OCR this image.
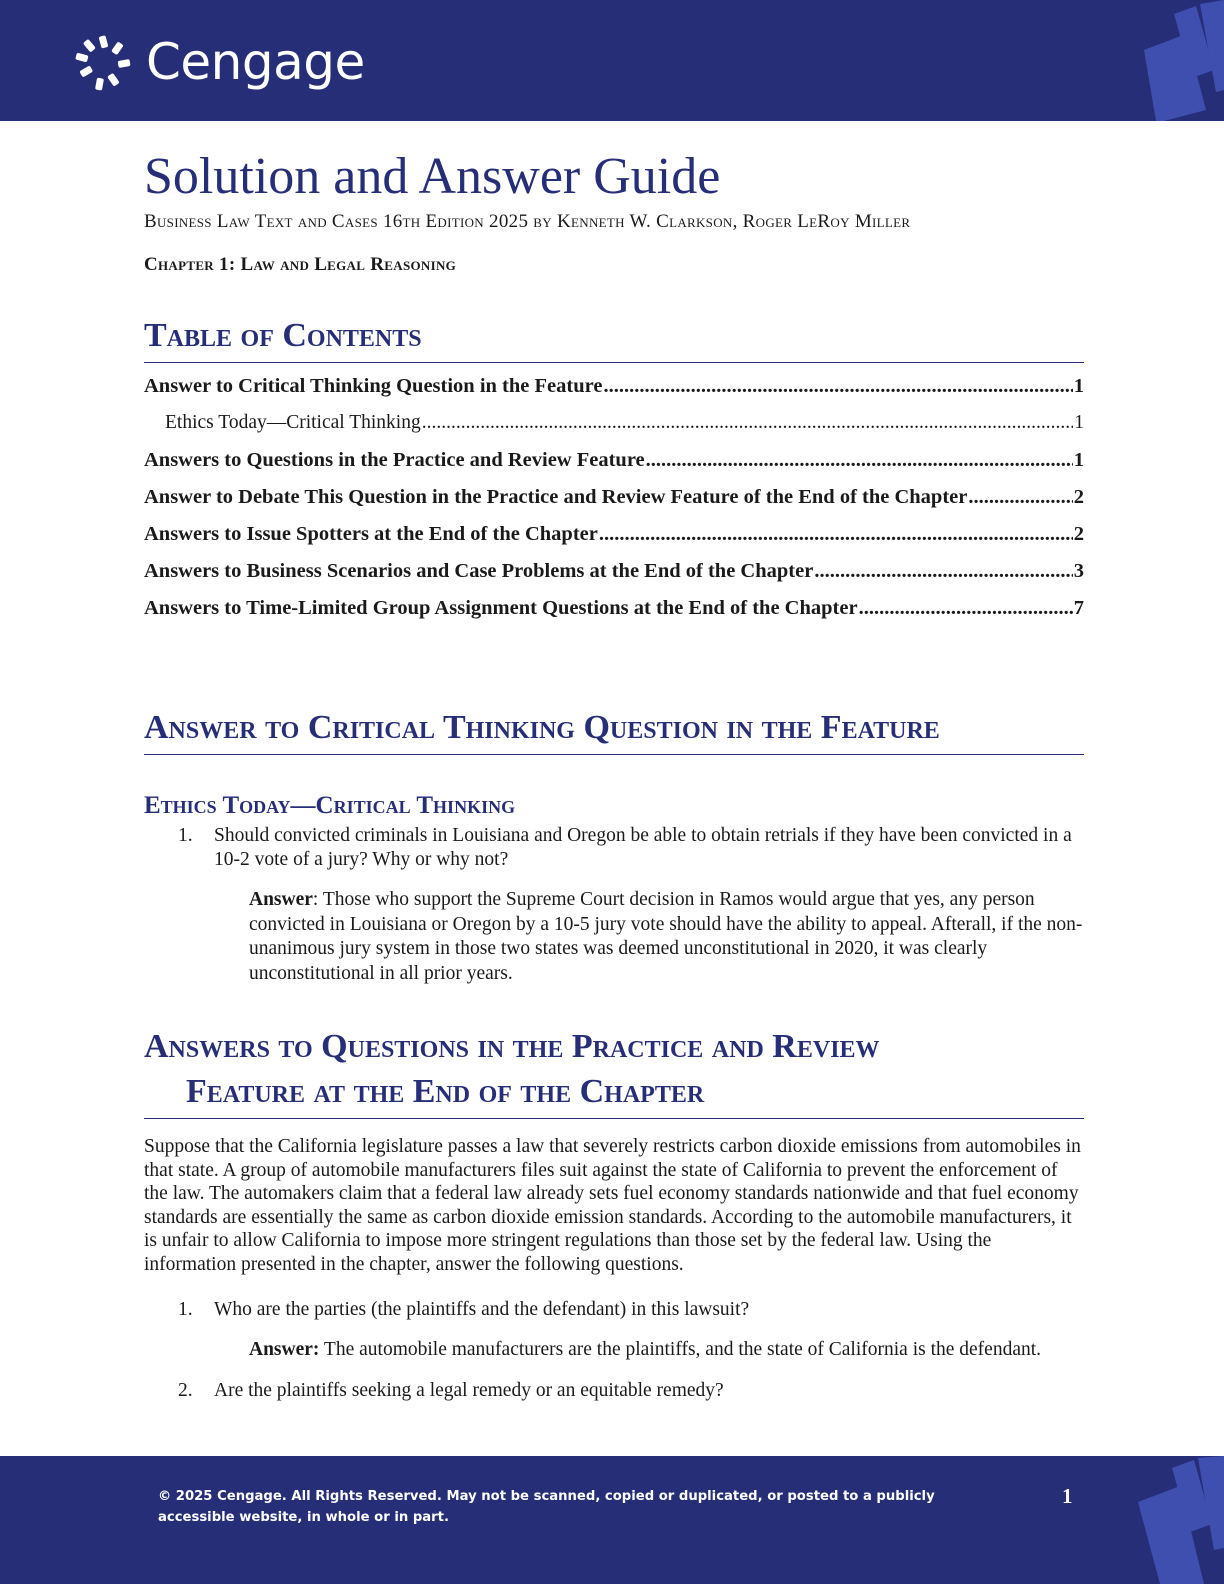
Cengage
Solution and Answer Guide

Business Law Text and Cases 16th Edition 2025 by Kenneth W. Clarkson, Roger LeRoy Miller

Chapter 1: Law and Legal Reasoning

Table of Contents
Answer to Critical Thinking Question in the Feature .....	1
Ethics Today—Critical Thinking .....	1
Answers to Questions in the Practice and Review Feature .....	1
Answer to Debate This Question in the Practice and Review Feature of the End of the Chapter .....	2
Answers to Issue Spotters at the End of the Chapter .....	2
Answers to Business Scenarios and Case Problems at the End of the Chapter .....	3
Answers to Time-Limited Group Assignment Questions at the End of the Chapter .....	7
Answer to Critical Thinking Question in the Feature
Ethics Today—Critical Thinking
1.	Should convicted criminals in Louisiana and Oregon be able to obtain retrials if they have been convicted in a 10-2 vote of a jury? Why or why not?
Answer: Those who support the Supreme Court decision in Ramos would argue that yes, any person convicted in Louisiana or Oregon by a 10-5 jury vote should have the ability to appeal. Afterall, if the non-unanimous jury system in those two states was deemed unconstitutional in 2020, it was clearly unconstitutional in all prior years.
Answers to Questions in the Practice and Review
Feature at the End of the Chapter

Suppose that the California legislature passes a law that severely restricts carbon dioxide emissions from automobiles in that state. A group of automobile manufacturers files suit against the state of California to prevent the enforcement of the law. The automakers claim that a federal law already sets fuel economy standards nationwide and that fuel economy standards are essentially the same as carbon dioxide emission standards. According to the automobile manufacturers, it is unfair to allow California to impose more stringent regulations than those set by the federal law. Using the information presented in the chapter, answer the following questions.

1.	Who are the parties (the plaintiffs and the defendant) in this lawsuit?
Answer: The automobile manufacturers are the plaintiffs, and the state of California is the defendant.
2.	Are the plaintiffs seeking a legal remedy or an equitable remedy?
© 2025 Cengage. All Rights Reserved. May not be scanned, copied or duplicated, or posted to a publicly accessible website, in whole or in part.
1
